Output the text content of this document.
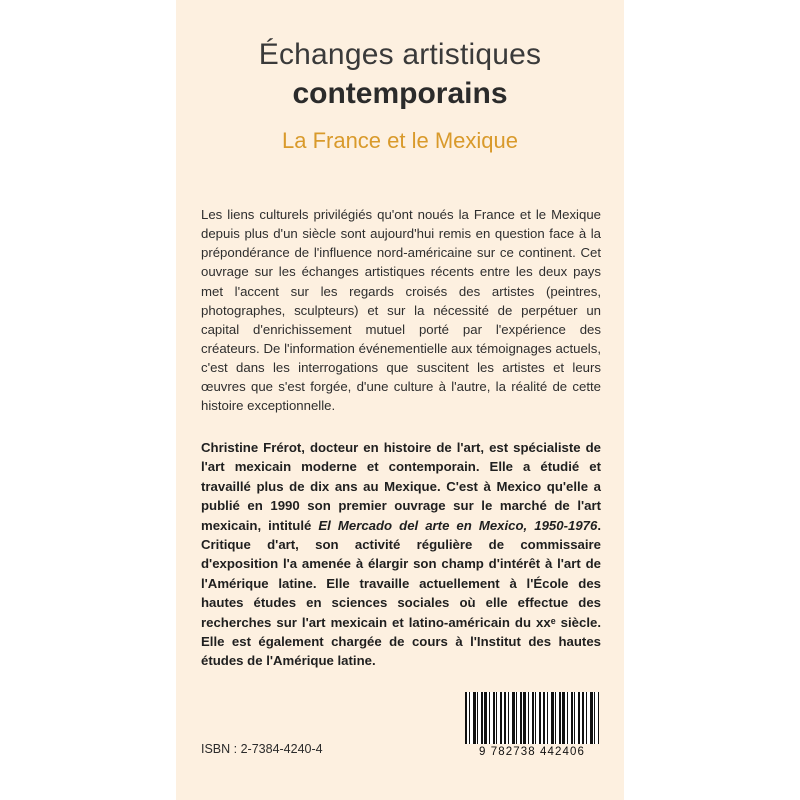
Échanges artistiques
contemporains
La France et le Mexique
Les liens culturels privilégiés qu'ont noués la France et le Mexique depuis plus d'un siècle sont aujourd'hui remis en question face à la prépondérance de l'influence nord-américaine sur ce continent. Cet ouvrage sur les échanges artistiques récents entre les deux pays met l'accent sur les regards croisés des artistes (peintres, photographes, sculpteurs) et sur la nécessité de perpétuer un capital d'enrichissement mutuel porté par l'expérience des créateurs. De l'information événementielle aux témoignages actuels, c'est dans les interrogations que suscitent les artistes et leurs œuvres que s'est forgée, d'une culture à l'autre, la réalité de cette histoire exceptionnelle.
Christine Frérot, docteur en histoire de l'art, est spécialiste de l'art mexicain moderne et contemporain. Elle a étudié et travaillé plus de dix ans au Mexique. C'est à Mexico qu'elle a publié en 1990 son premier ouvrage sur le marché de l'art mexicain, intitulé El Mercado del arte en Mexico, 1950-1976. Critique d'art, son activité régulière de commissaire d'exposition l'a amenée à élargir son champ d'intérêt à l'art de l'Amérique latine. Elle travaille actuellement à l'École des hautes études en sciences sociales où elle effectue des recherches sur l'art mexicain et latino-américain du xxᵉ siècle. Elle est également chargée de cours à l'Institut des hautes études de l'Amérique latine.
ISBN : 2-7384-4240-4	9 782738 442406
